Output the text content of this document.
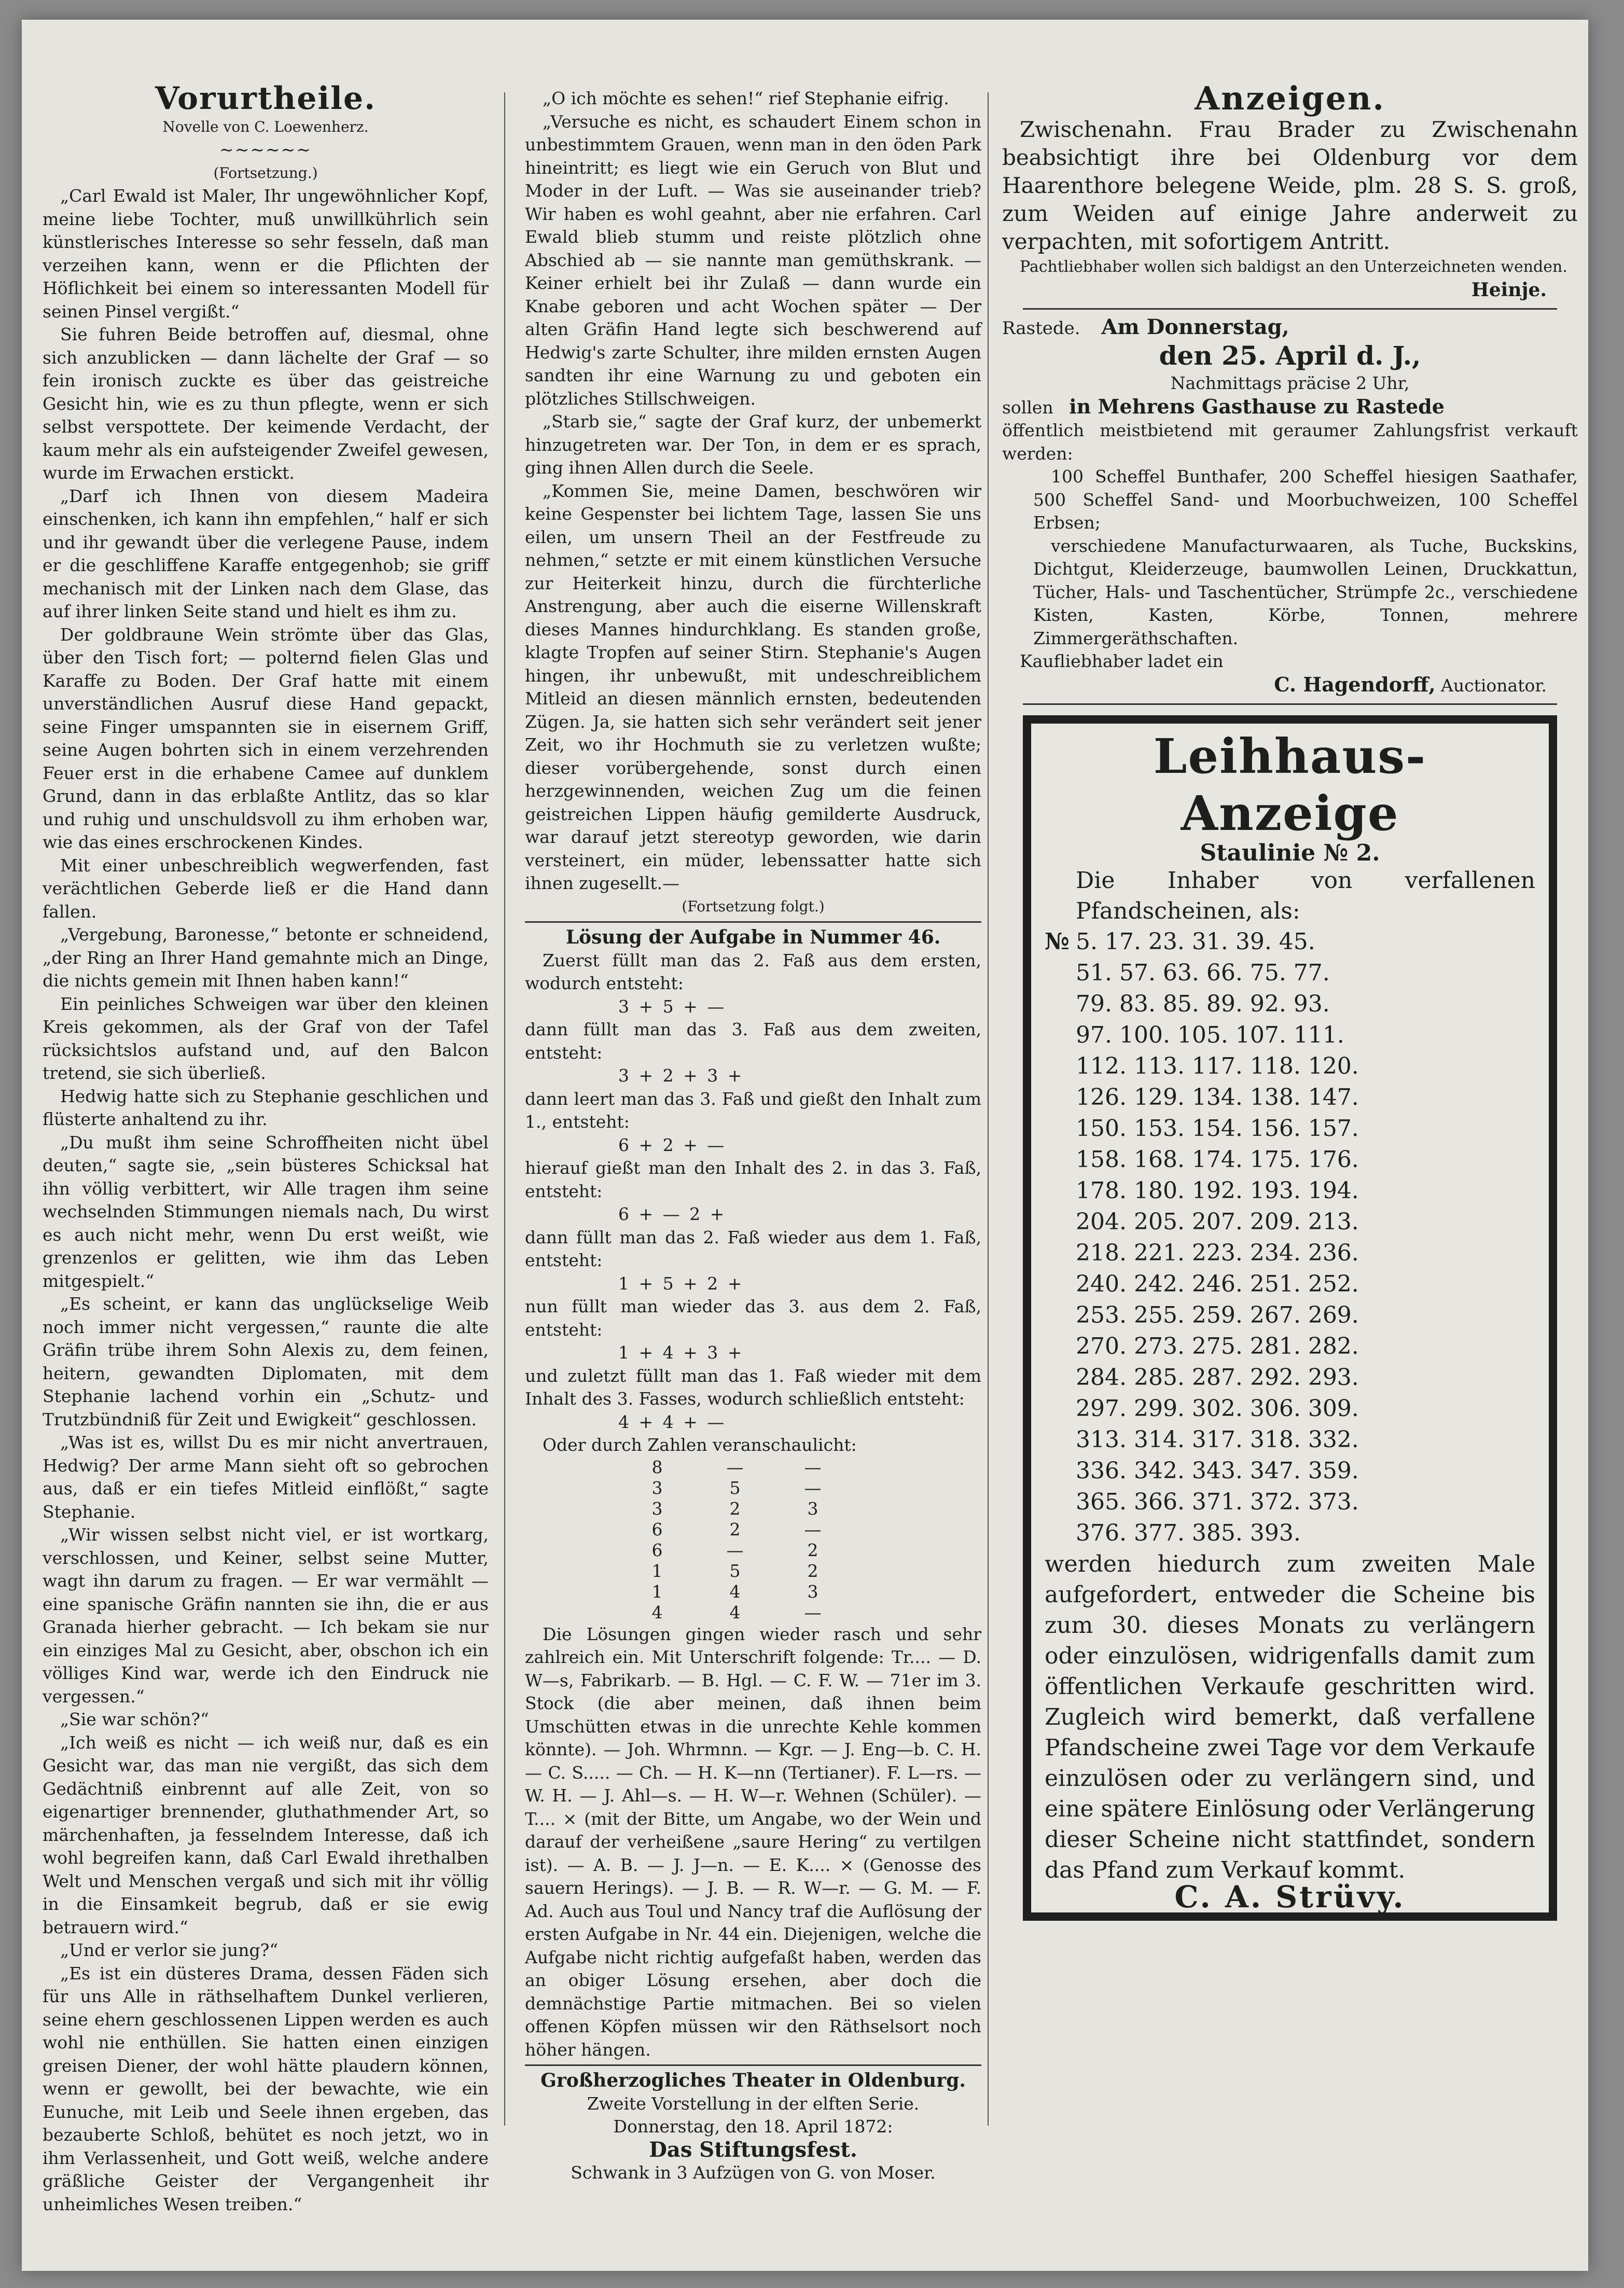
Vorurtheile.
Novelle von C. Loewenherz.
~~~~~~
(Fortsetzung.)

„Carl Ewald ist Maler, Ihr ungewöhnlicher Kopf, meine liebe Tochter, muß unwillkührlich sein künstlerisches Interesse so sehr fesseln, daß man verzeihen kann, wenn er die Pflichten der Höflichkeit bei einem so interessanten Modell für seinen Pinsel vergißt.“

Sie fuhren Beide betroffen auf, diesmal, ohne sich anzublicken — dann lächelte der Graf — so fein ironisch zuckte es über das geistreiche Gesicht hin, wie es zu thun pflegte, wenn er sich selbst verspottete. Der keimende Verdacht, der kaum mehr als ein aufsteigender Zweifel gewesen, wurde im Erwachen erstickt.

„Darf ich Ihnen von diesem Madeira einschenken, ich kann ihn empfehlen,“ half er sich und ihr gewandt über die verlegene Pause, indem er die geschliffene Karaffe entgegenhob; sie griff mechanisch mit der Linken nach dem Glase, das auf ihrer linken Seite stand und hielt es ihm zu.

Der goldbraune Wein strömte über das Glas, über den Tisch fort; — polternd fielen Glas und Karaffe zu Boden. Der Graf hatte mit einem unverständlichen Ausruf diese Hand gepackt, seine Finger umspannten sie in eisernem Griff, seine Augen bohrten sich in einem verzehrenden Feuer erst in die erhabene Camee auf dunklem Grund, dann in das erblaßte Antlitz, das so klar und ruhig und unschuldsvoll zu ihm erhoben war, wie das eines erschrockenen Kindes.

Mit einer unbeschreiblich wegwerfenden, fast verächtlichen Geberde ließ er die Hand dann fallen.

„Vergebung, Baronesse,“ betonte er schneidend, „der Ring an Ihrer Hand gemahnte mich an Dinge, die nichts gemein mit Ihnen haben kann!“

Ein peinliches Schweigen war über den kleinen Kreis gekommen, als der Graf von der Tafel rücksichtslos aufstand und, auf den Balcon tretend, sie sich überließ.

Hedwig hatte sich zu Stephanie geschlichen und flüsterte anhaltend zu ihr.

„Du mußt ihm seine Schroffheiten nicht übel deuten,“ sagte sie, „sein büsteres Schicksal hat ihn völlig verbittert, wir Alle tragen ihm seine wechselnden Stimmungen niemals nach, Du wirst es auch nicht mehr, wenn Du erst weißt, wie grenzenlos er gelitten, wie ihm das Leben mitgespielt.“

„Es scheint, er kann das unglückselige Weib noch immer nicht vergessen,“ raunte die alte Gräfin trübe ihrem Sohn Alexis zu, dem feinen, heitern, gewandten Diplomaten, mit dem Stephanie lachend vorhin ein „Schutz- und Trutzbündniß für Zeit und Ewigkeit“ geschlossen.

„Was ist es, willst Du es mir nicht anvertrauen, Hedwig? Der arme Mann sieht oft so gebrochen aus, daß er ein tiefes Mitleid einflößt,“ sagte Stephanie.

„Wir wissen selbst nicht viel, er ist wortkarg, verschlossen, und Keiner, selbst seine Mutter, wagt ihn darum zu fragen. — Er war vermählt — eine spanische Gräfin nannten sie ihn, die er aus Granada hierher gebracht. — Ich bekam sie nur ein einziges Mal zu Gesicht, aber, obschon ich ein völliges Kind war, werde ich den Eindruck nie vergessen.“

„Sie war schön?“

„Ich weiß es nicht — ich weiß nur, daß es ein Gesicht war, das man nie vergißt, das sich dem Gedächtniß einbrennt auf alle Zeit, von so eigenartiger brennender, gluthathmender Art, so märchenhaften, ja fesselndem Interesse, daß ich wohl begreifen kann, daß Carl Ewald ihrethalben Welt und Menschen vergaß und sich mit ihr völlig in die Einsamkeit begrub, daß er sie ewig betrauern wird.“

„Und er verlor sie jung?“

„Es ist ein düsteres Drama, dessen Fäden sich für uns Alle in räthselhaftem Dunkel verlieren, seine ehern geschlossenen Lippen werden es auch wohl nie enthüllen. Sie hatten einen einzigen greisen Diener, der wohl hätte plaudern können, wenn er gewollt, bei der bewachte, wie ein Eunuche, mit Leib und Seele ihnen ergeben, das bezauberte Schloß, behütet es noch jetzt, wo in ihm Verlassenheit, und Gott weiß, welche andere gräßliche Geister der Vergangenheit ihr unheimliches Wesen treiben.“

„O ich möchte es sehen!“ rief Stephanie eifrig.

„Versuche es nicht, es schaudert Einem schon in unbestimmtem Grauen, wenn man in den öden Park hineintritt; es liegt wie ein Geruch von Blut und Moder in der Luft. — Was sie auseinander trieb? Wir haben es wohl geahnt, aber nie erfahren. Carl Ewald blieb stumm und reiste plötzlich ohne Abschied ab — sie nannte man gemüthskrank. — Keiner erhielt bei ihr Zulaß — dann wurde ein Knabe geboren und acht Wochen später — Der alten Gräfin Hand legte sich beschwerend auf Hedwig's zarte Schulter, ihre milden ernsten Augen sandten ihr eine Warnung zu und geboten ein plötzliches Stillschweigen.

„Starb sie,“ sagte der Graf kurz, der unbemerkt hinzugetreten war. Der Ton, in dem er es sprach, ging ihnen Allen durch die Seele.

„Kommen Sie, meine Damen, beschwören wir keine Gespenster bei lichtem Tage, lassen Sie uns eilen, um unsern Theil an der Festfreude zu nehmen,“ setzte er mit einem künstlichen Versuche zur Heiterkeit hinzu, durch die fürchterliche Anstrengung, aber auch die eiserne Willenskraft dieses Mannes hindurchklang. Es standen große, klagte Tropfen auf seiner Stirn. Stephanie's Augen hingen, ihr unbewußt, mit undeschreiblichem Mitleid an diesen männlich ernsten, bedeutenden Zügen. Ja, sie hatten sich sehr verändert seit jener Zeit, wo ihr Hochmuth sie zu verletzen wußte; dieser vorübergehende, sonst durch einen herzgewinnenden, weichen Zug um die feinen geistreichen Lippen häufig gemilderte Ausdruck, war darauf jetzt stereotyp geworden, wie darin versteinert, ein müder, lebenssatter hatte sich ihnen zugesellt.—

(Fortsetzung folgt.)
Lösung der Aufgabe in Nummer 46.

Zuerst füllt man das 2. Faß aus dem ersten, wodurch entsteht:

3 + 5 + —

dann füllt man das 3. Faß aus dem zweiten, entsteht:

3 + 2 + 3 +

dann leert man das 3. Faß und gießt den Inhalt zum 1., entsteht:

6 + 2 + —

hierauf gießt man den Inhalt des 2. in das 3. Faß, entsteht:

6 + — 2 +

dann füllt man das 2. Faß wieder aus dem 1. Faß, entsteht:

1 + 5 + 2 +

nun füllt man wieder das 3. aus dem 2. Faß, entsteht:

1 + 4 + 3 +

und zuletzt füllt man das 1. Faß wieder mit dem Inhalt des 3. Fasses, wodurch schließlich entsteht:

4 + 4 + —

Oder durch Zahlen veranschaulicht:

8	—	—
3	5	—
3	2	3
6	2	—
6	—	2
1	5	2
1	4	3
4	4	—

Die Lösungen gingen wieder rasch und sehr zahlreich ein. Mit Unterschrift folgende: Tr.... — D. W—s, Fabrikarb. — B. Hgl. — C. F. W. — 71er im 3. Stock (die aber meinen, daß ihnen beim Umschütten etwas in die unrechte Kehle kommen könnte). — Joh. Whrmnn. — Kgr. — J. Eng—b. C. H. — C. S..... — Ch. — H. K—nn (Tertianer). F. L—rs. — W. H. — J. Ahl—s. — H. W—r. Wehnen (Schüler). — T.... × (mit der Bitte, um Angabe, wo der Wein und darauf der verheißene „saure Hering“ zu vertilgen ist). — A. B. — J. J—n. — E. K.... × (Genosse des sauern Herings). — J. B. — R. W—r. — G. M. — F. Ad. Auch aus Toul und Nancy traf die Auflösung der ersten Aufgabe in Nr. 44 ein. Diejenigen, welche die Aufgabe nicht richtig aufgefaßt haben, werden das an obiger Lösung ersehen, aber doch die demnächstige Partie mitmachen. Bei so vielen offenen Köpfen müssen wir den Räthselsort noch höher hängen.

Großherzogliches Theater in Oldenburg.
Zweite Vorstellung in der elften Serie.
Donnerstag, den 18. April 1872:
Das Stiftungsfest.
Schwank in 3 Aufzügen von G. von Moser.
Anzeigen.

Zwischenahn. Frau Brader zu Zwischenahn beabsichtigt ihre bei Oldenburg vor dem Haarenthore belegene Weide, plm. 28 S. S. groß, zum Weiden auf einige Jahre anderweit zu verpachten, mit sofortigem Antritt.

Pachtliebhaber wollen sich baldigst an den Unterzeichneten wenden.

Heinje.
Rastede. Am Donnerstag,
den 25. April d. J.,
Nachmittags präcise 2 Uhr,
sollen in Mehrens Gasthause zu Rastede

öffentlich meistbietend mit geraumer Zahlungsfrist verkauft werden:

100 Scheffel Bunthafer, 200 Scheffel hiesigen Saathafer, 500 Scheffel Sand- und Moorbuchweizen, 100 Scheffel Erbsen;

verschiedene Manufacturwaaren, als Tuche, Buckskins, Dichtgut, Kleiderzeuge, baumwollen Leinen, Druckkattun, Tücher, Hals- und Taschentücher, Strümpfe 2c., verschiedene Kisten, Kasten, Körbe, Tonnen, mehrere Zimmergeräthschaften.

Kaufliebhaber ladet ein

C. Hagendorff, Auctionator.
Leihhaus-Anzeige
Staulinie № 2.
Die Inhaber von verfallenen Pfandscheinen, als:
№ 5. 17. 23. 31. 39. 45.
51. 57. 63. 66. 75. 77.
79. 83. 85. 89. 92. 93.
97. 100. 105. 107. 111.
112. 113. 117. 118. 120.
126. 129. 134. 138. 147.
150. 153. 154. 156. 157.
158. 168. 174. 175. 176.
178. 180. 192. 193. 194.
204. 205. 207. 209. 213.
218. 221. 223. 234. 236.
240. 242. 246. 251. 252.
253. 255. 259. 267. 269.
270. 273. 275. 281. 282.
284. 285. 287. 292. 293.
297. 299. 302. 306. 309.
313. 314. 317. 318. 332.
336. 342. 343. 347. 359.
365. 366. 371. 372. 373.
376. 377. 385. 393.
werden hiedurch zum zweiten Male aufgefordert, entweder die Scheine bis zum 30. dieses Monats zu verlängern oder einzulösen, widrigenfalls damit zum öffentlichen Verkaufe geschritten wird. Zugleich wird bemerkt, daß verfallene Pfandscheine zwei Tage vor dem Verkaufe einzulösen oder zu verlängern sind, und eine spätere Einlösung oder Verlängerung dieser Scheine nicht stattfindet, sondern das Pfand zum Verkauf kommt.
C. A. Strüvy.
